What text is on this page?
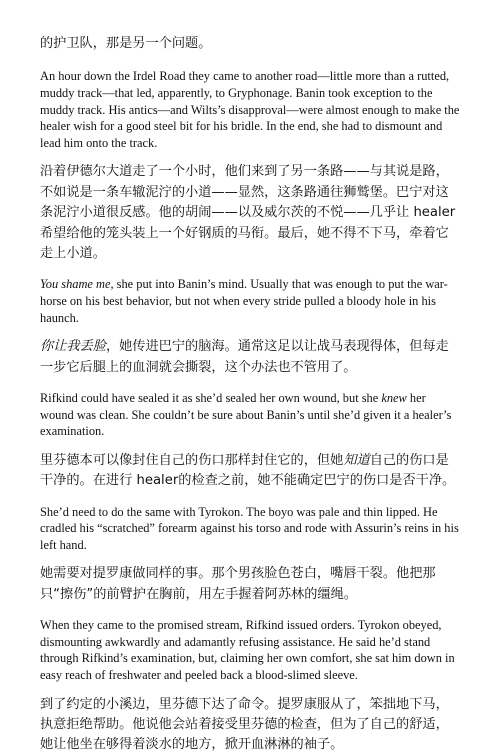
的护卫队，那是另一个问题。

An hour down the Irdel Road they came to another road—little more than a rutted, muddy track—that led, apparently, to Gryphonage. Banin took exception to the muddy track. His antics—and Wilts’s disapproval—were almost enough to make the healer wish for a good steel bit for his bridle. In the end, she had to dismount and lead him onto the track.

沿着伊德尔大道走了一个小时，他们来到了另一条路——与其说是路，不如说是一条车辙泥泞的小道——显然，这条路通往狮鹫堡。巴宁对这条泥泞小道很反感。他的胡闹——以及威尔茨的不悦——几乎让 healer希望给他的笼头装上一个好钢质的马衔。最后，她不得不下马，牵着它走上小道。

You shame me, she put into Banin’s mind. Usually that was enough to put the war-horse on his best behavior, but not when every stride pulled a bloody hole in his haunch.

你让我丢脸，她传进巴宁的脑海。通常这足以让战马表现得体，但每走一步它后腿上的血洞就会撕裂，这个办法也不管用了。

Rifkind could have sealed it as she’d sealed her own wound, but she knew her wound was clean. She couldn’t be sure about Banin’s until she’d given it a healer’s examination.

里芬德本可以像封住自己的伤口那样封住它的，但她知道自己的伤口是干净的。在进行 healer的检查之前，她不能确定巴宁的伤口是否干净。

She’d need to do the same with Tyrokon. The boyo was pale and thin lipped. He cradled his “scratched” forearm against his torso and rode with Assurin’s reins in his left hand.

她需要对提罗康做同样的事。那个男孩脸色苍白，嘴唇干裂。他把那只“擦伤”的前臂护在胸前，用左手握着阿苏林的缰绳。

When they came to the promised stream, Rifkind issued orders. Tyrokon obeyed, dismounting awkwardly and adamantly refusing assistance. He said he’d stand through Rifkind’s examination, but, claiming her own comfort, she sat him down in easy reach of freshwater and peeled back a blood-slimed sleeve.

到了约定的小溪边，里芬德下达了命令。提罗康服从了，笨拙地下马，执意拒绝帮助。他说他会站着接受里芬德的检查，但为了自己的舒适，她让他坐在够得着淡水的地方，掀开血淋淋的袖子。
